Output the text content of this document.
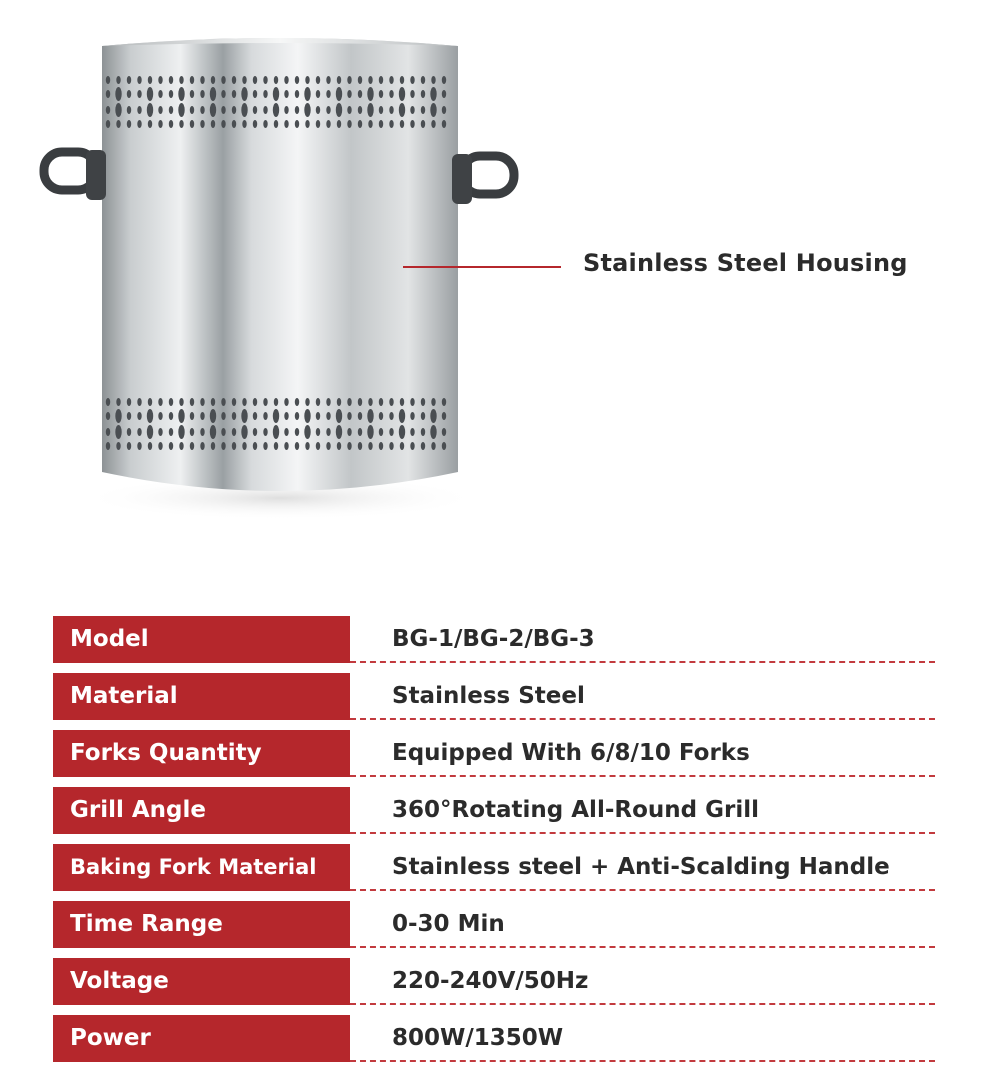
Stainless Steel Housing
Model	BG-1/BG-2/BG-3
Material	Stainless Steel
Forks Quantity	Equipped With 6/8/10 Forks
Grill Angle	360°Rotating All-Round Grill
Baking Fork Material	Stainless steel + Anti-Scalding Handle
Time Range	0-30 Min
Voltage	220-240V/50Hz
Power	800W/1350W
